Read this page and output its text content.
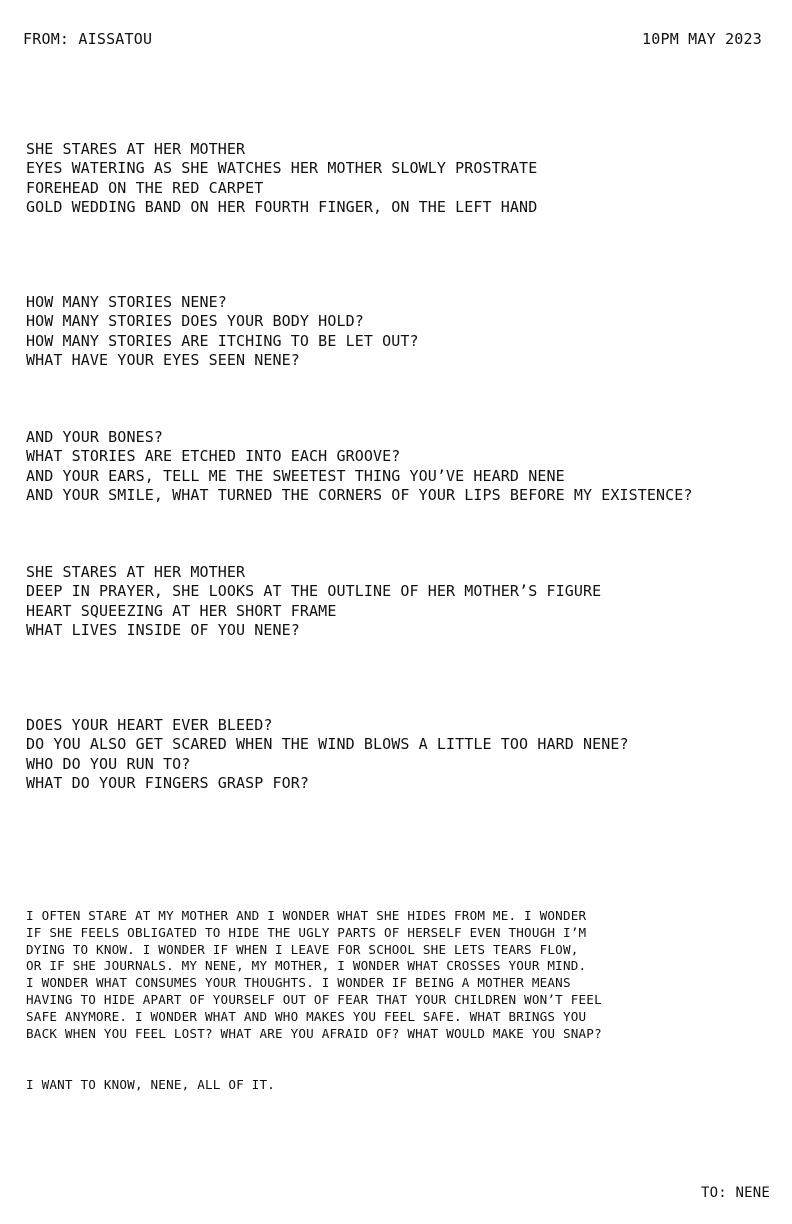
FROM: AISSATOU	10PM MAY 2023
SHE STARES AT HER MOTHER
EYES WATERING AS SHE WATCHES HER MOTHER SLOWLY PROSTRATE
FOREHEAD ON THE RED CARPET
GOLD WEDDING BAND ON HER FOURTH FINGER, ON THE LEFT HAND
HOW MANY STORIES NENE?
HOW MANY STORIES DOES YOUR BODY HOLD?
HOW MANY STORIES ARE ITCHING TO BE LET OUT?
WHAT HAVE YOUR EYES SEEN NENE?
AND YOUR BONES?
WHAT STORIES ARE ETCHED INTO EACH GROOVE?
AND YOUR EARS, TELL ME THE SWEETEST THING YOU’VE HEARD NENE
AND YOUR SMILE, WHAT TURNED THE CORNERS OF YOUR LIPS BEFORE MY EXISTENCE?
SHE STARES AT HER MOTHER
DEEP IN PRAYER, SHE LOOKS AT THE OUTLINE OF HER MOTHER’S FIGURE
HEART SQUEEZING AT HER SHORT FRAME
WHAT LIVES INSIDE OF YOU NENE?
DOES YOUR HEART EVER BLEED?
DO YOU ALSO GET SCARED WHEN THE WIND BLOWS A LITTLE TOO HARD NENE?
WHO DO YOU RUN TO?
WHAT DO YOUR FINGERS GRASP FOR?
I OFTEN STARE AT MY MOTHER AND I WONDER WHAT SHE HIDES FROM ME. I WONDER
IF SHE FEELS OBLIGATED TO HIDE THE UGLY PARTS OF HERSELF EVEN THOUGH I’M
DYING TO KNOW. I WONDER IF WHEN I LEAVE FOR SCHOOL SHE LETS TEARS FLOW,
OR IF SHE JOURNALS. MY NENE, MY MOTHER, I WONDER WHAT CROSSES YOUR MIND.
I WONDER WHAT CONSUMES YOUR THOUGHTS. I WONDER IF BEING A MOTHER MEANS
HAVING TO HIDE APART OF YOURSELF OUT OF FEAR THAT YOUR CHILDREN WON’T FEEL
SAFE ANYMORE. I WONDER WHAT AND WHO MAKES YOU FEEL SAFE. WHAT BRINGS YOU
BACK WHEN YOU FEEL LOST? WHAT ARE YOU AFRAID OF? WHAT WOULD MAKE YOU SNAP?
I WANT TO KNOW, NENE, ALL OF IT.
TO: NENE
